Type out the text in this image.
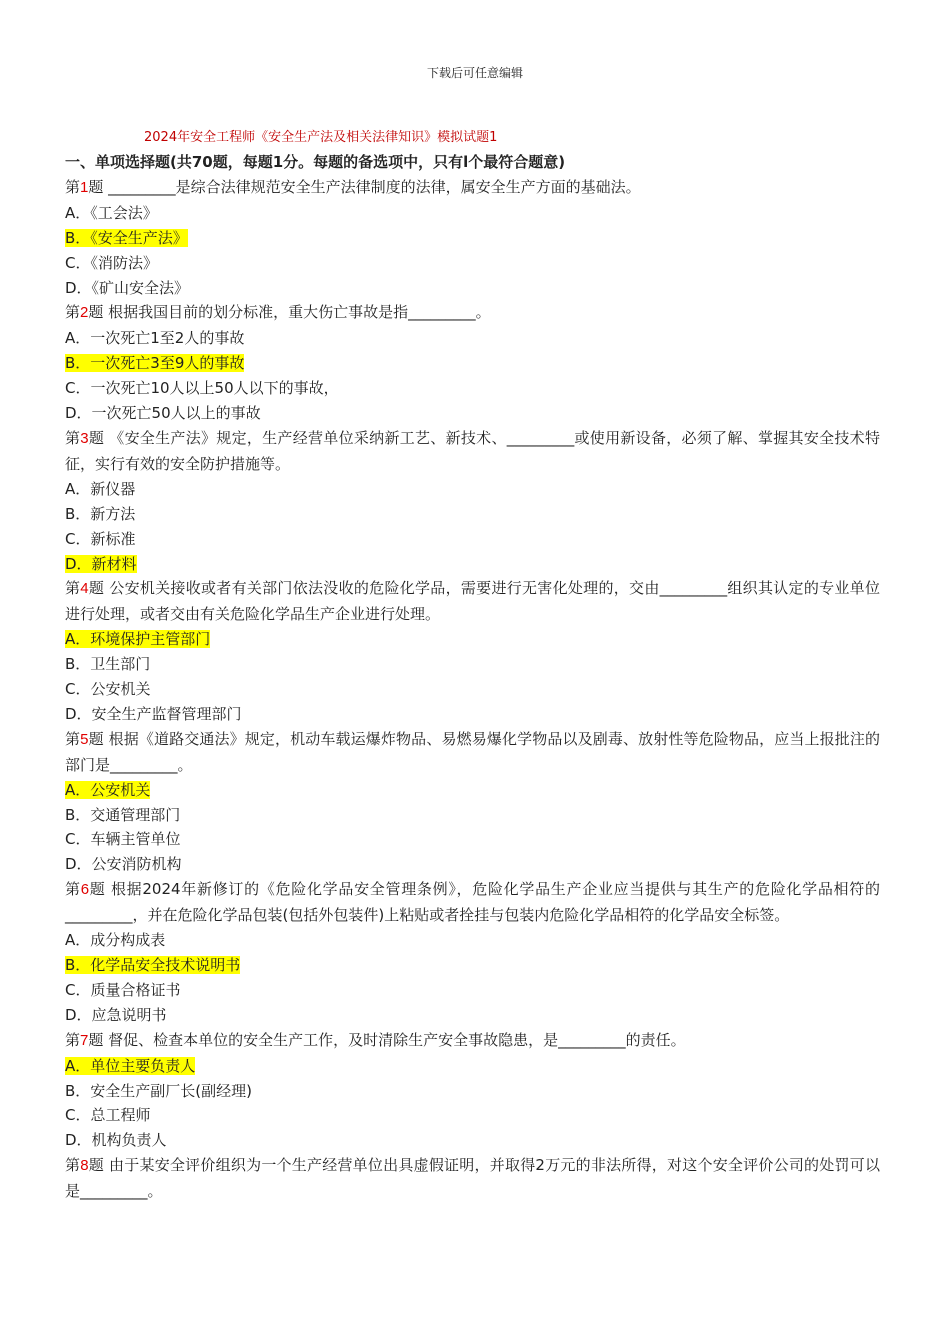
下载后可任意编辑
2024年安全工程师《安全生产法及相关法律知识》模拟试题1
一、单项选择题(共70题，每题1分。每题的备选项中，只有l个最符合题意)
第1题 _________是综合法律规范安全生产法律制度的法律，属安全生产方面的基础法。
A．《工会法》
B．《安全生产法》
C．《消防法》
D．《矿山安全法》
第2题 根据我国目前的划分标准，重大伤亡事故是指_________。
A．一次死亡1至2人的事故
B．一次死亡3至9人的事故
C．一次死亡10人以上50人以下的事故，
D．一次死亡50人以上的事故
第3题 《安全生产法》规定，生产经营单位采纳新工艺、新技术、_________或使用新设备，必须了解、掌握其安全技术特征，实行有效的安全防护措施等。
A．新仪器
B．新方法
C．新标准
D．新材料
第4题 公安机关接收或者有关部门依法没收的危险化学品，需要进行无害化处理的，交由_________组织其认定的专业单位进行处理，或者交由有关危险化学品生产企业进行处理。
A．环境保护主管部门
B．卫生部门
C．公安机关
D．安全生产监督管理部门
第5题 根据《道路交通法》规定，机动车载运爆炸物品、易燃易爆化学物品以及剧毒、放射性等危险物品，应当上报批注的部门是_________。
A．公安机关
B．交通管理部门
C．车辆主管单位
D．公安消防机构
第6题 根据2024年新修订的《危险化学品安全管理条例》，危险化学品生产企业应当提供与其生产的危险化学品相符的_________，并在危险化学品包装(包括外包装件)上粘贴或者拴挂与包装内危险化学品相符的化学品安全标签。
A．成分构成表
B．化学品安全技术说明书
C．质量合格证书
D．应急说明书
第7题 督促、检查本单位的安全生产工作，及时清除生产安全事故隐患，是_________的责任。
A．单位主要负责人
B．安全生产副厂长(副经理)
C．总工程师
D．机构负责人
第8题 由于某安全评价组织为一个生产经营单位出具虚假证明，并取得2万元的非法所得，对这个安全评价公司的处罚可以是_________。
